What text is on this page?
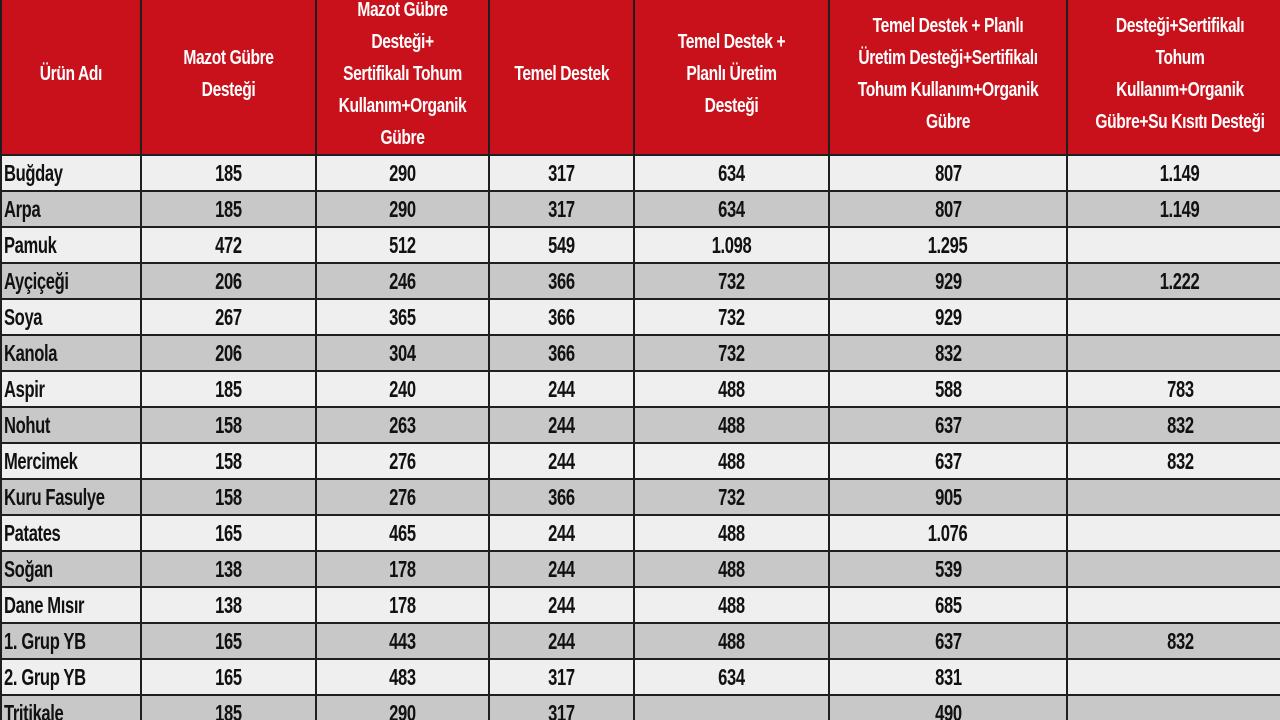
Ürün Adı	Mazot Gübre Desteği	Mazot Gübre Desteği+ Sertifikalı Tohum Kullanım+Organik Gübre	Temel Destek	Temel Destek + Planlı Üretim Desteği	Temel Destek + Planlı Üretim Desteği+Sertifikalı Tohum Kullanım+Organik Gübre	Desteği+Sertifikalı Tohum Kullanım+Organik Gübre+Su Kısıtı Desteği
Buğday	185	290	317	634	807	1.149
Arpa	185	290	317	634	807	1.149
Pamuk	472	512	549	1.098	1.295	
Ayçiçeği	206	246	366	732	929	1.222
Soya	267	365	366	732	929	
Kanola	206	304	366	732	832	
Aspir	185	240	244	488	588	783
Nohut	158	263	244	488	637	832
Mercimek	158	276	244	488	637	832
Kuru Fasulye	158	276	366	732	905	
Patates	165	465	244	488	1.076	
Soğan	138	178	244	488	539	
Dane Mısır	138	178	244	488	685	
1. Grup YB	165	443	244	488	637	832
2. Grup YB	165	483	317	634	831	
Tritikale	185	290	317		490	
